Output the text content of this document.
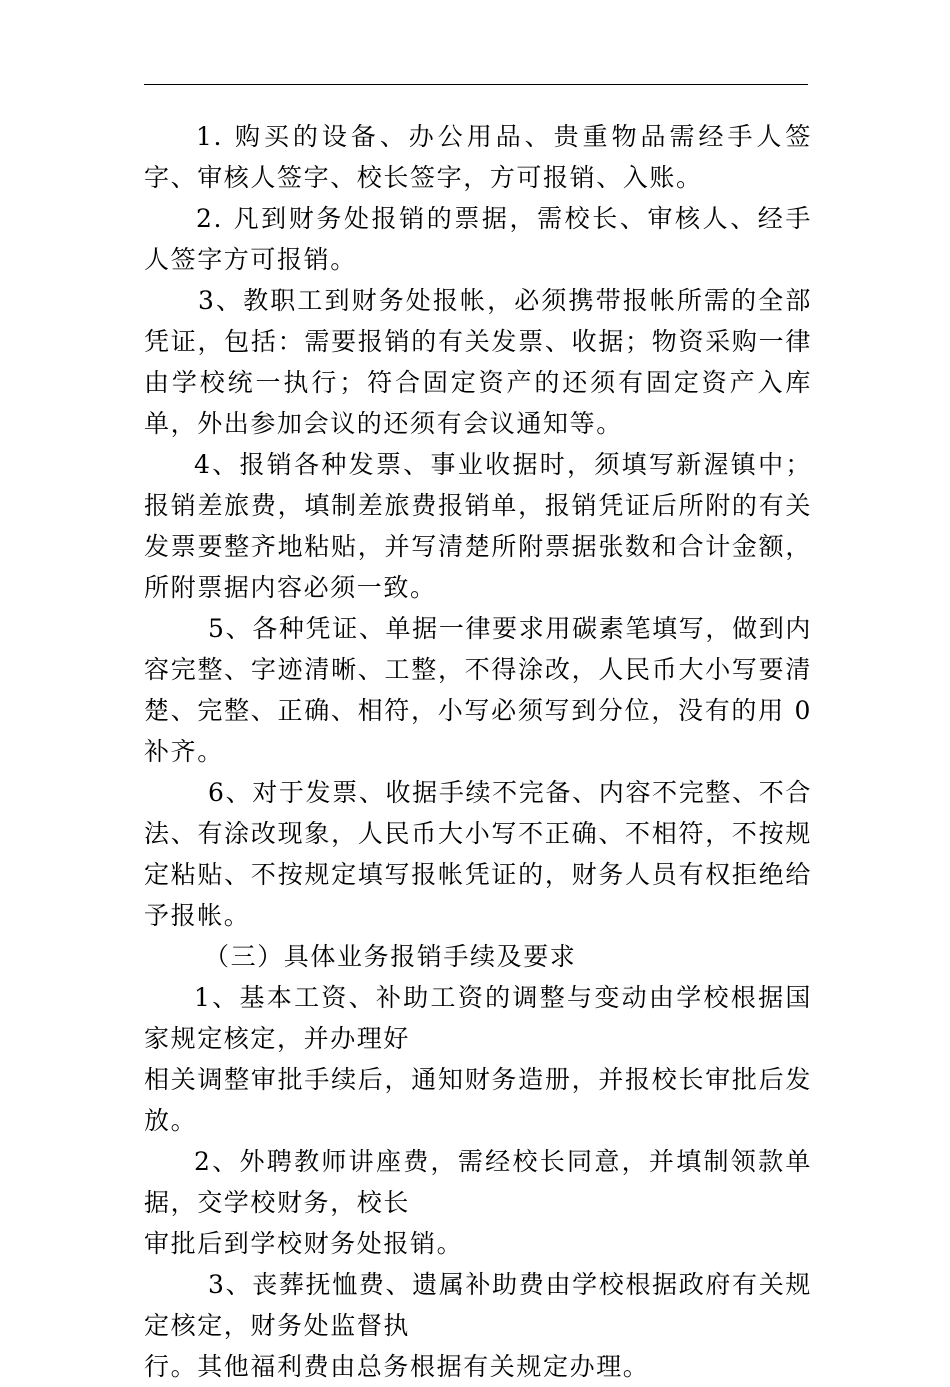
1. 购买的设备、办公用品、贵重物品需经手人签字、审核人签字、校长签字，方可报销、入账。

2. 凡到财务处报销的票据，需校长、审核人、经手人签字方可报销。

3、教职工到财务处报帐，必须携带报帐所需的全部凭证，包括：需要报销的有关发票、收据；物资采购一律由学校统一执行；符合固定资产的还须有固定资产入库单，外出参加会议的还须有会议通知等。

4、报销各种发票、事业收据时，须填写新渥镇中；报销差旅费，填制差旅费报销单，报销凭证后所附的有关发票要整齐地粘贴，并写清楚所附票据张数和合计金额，所附票据内容必须一致。

5、各种凭证、单据一律要求用碳素笔填写，做到内容完整、字迹清晰、工整，不得涂改，人民币大小写要清楚、完整、正确、相符，小写必须写到分位，没有的用 0 补齐。

6、对于发票、收据手续不完备、内容不完整、不合法、有涂改现象，人民币大小写不正确、不相符，不按规定粘贴、不按规定填写报帐凭证的，财务人员有权拒绝给予报帐。

（三）具体业务报销手续及要求

1、基本工资、补助工资的调整与变动由学校根据国家规定核定，并办理好
相关调整审批手续后，通知财务造册，并报校长审批后发放。

2、外聘教师讲座费，需经校长同意，并填制领款单据，交学校财务，校长
审批后到学校财务处报销。

3、丧葬抚恤费、遗属补助费由学校根据政府有关规定核定，财务处监督执
行。其他福利费由总务根据有关规定办理。
